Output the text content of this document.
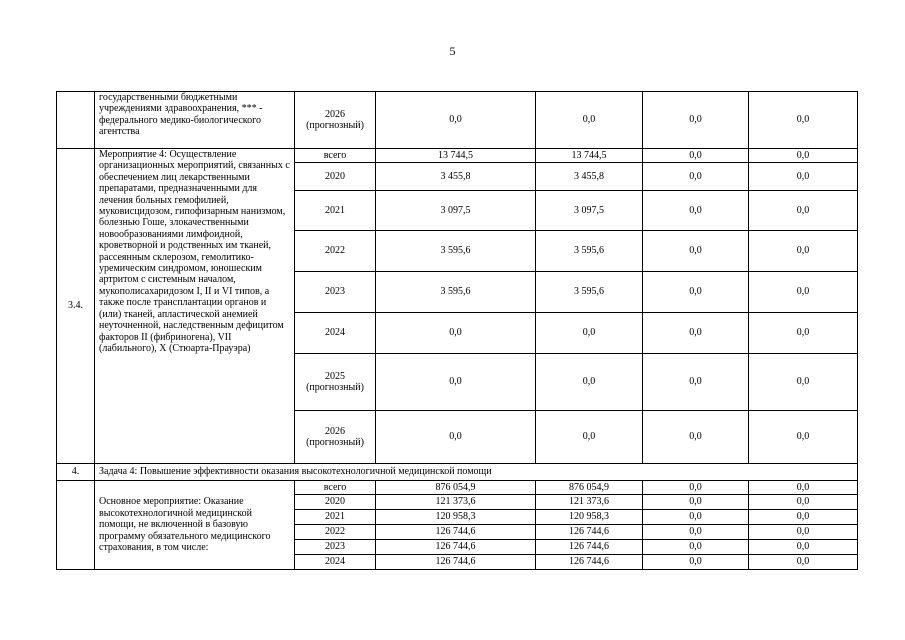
5
	государственными бюджетными учреждениями здравоохранения, *** - федерального медико-биологического агентства	2026 (прогнозный)	0,0	0,0	0,0	0,0
3.4.	Мероприятие 4: Осуществление организационных мероприятий, связанных с обеспечением лиц лекарственными препаратами, предназначенными для лечения больных гемофилией, муковисцидозом, гипофизарным нанизмом, болезнью Гоше, злокачественными новообразованиями лимфоидной, кроветворной и родственных им тканей, рассеянным склерозом, гемолитико-уремическим синдромом, юношеским артритом с системным началом, мукополисахаридозом I, II и VI типов, а также после трансплантации органов и (или) тканей, апластической анемией неуточненной, наследственным дефицитом факторов II (фибриногена), VII (лабильного), X (Стюарта-Прауэра)	всего	13 744,5	13 744,5	0,0	0,0
		2020	3 455,8	3 455,8	0,0	0,0
		2021	3 097,5	3 097,5	0,0	0,0
		2022	3 595,6	3 595,6	0,0	0,0
		2023	3 595,6	3 595,6	0,0	0,0
		2024	0,0	0,0	0,0	0,0
		2025 (прогнозный)	0,0	0,0	0,0	0,0
		2026 (прогнозный)	0,0	0,0	0,0	0,0
4.	Задача 4: Повышение эффективности оказания высокотехнологичной медицинской помощи					
	Основное мероприятие: Оказание высокотехнологичной медицинской помощи, не включенной в базовую программу обязательного медицинского страхования, в том числе:	всего	876 054,9	876 054,9	0,0	0,0
		2020	121 373,6	121 373,6	0,0	0,0
		2021	120 958,3	120 958,3	0,0	0,0
		2022	126 744,6	126 744,6	0,0	0,0
		2023	126 744,6	126 744,6	0,0	0,0
		2024	126 744,6	126 744,6	0,0	0,0
